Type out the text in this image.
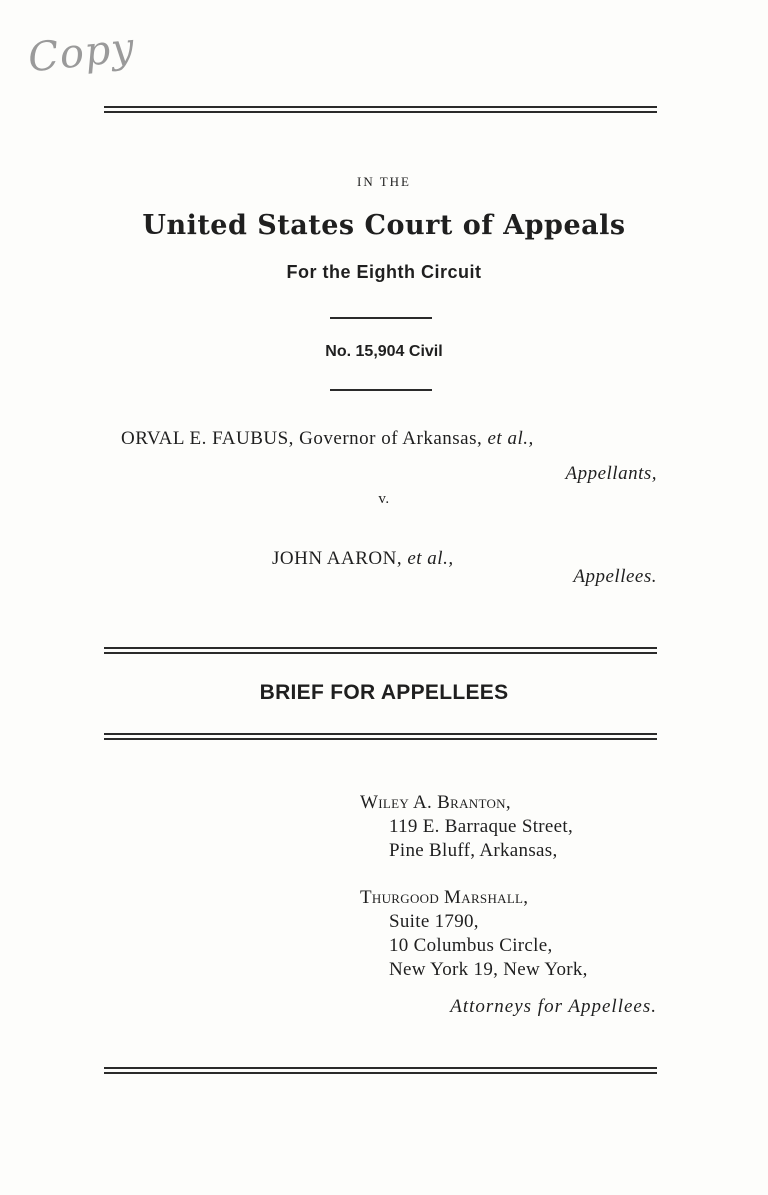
Copy
IN THE
United States Court of Appeals
For the Eighth Circuit
No. 15,904 Civil
ORVAL E. FAUBUS, Governor of Arkansas, et al.,
Appellants,
v.
JOHN AARON, et al.,
Appellees.
BRIEF FOR APPELLEES
Wiley A. Branton,
119 E. Barraque Street,
Pine Bluff, Arkansas,
Thurgood Marshall,
Suite 1790,
10 Columbus Circle,
New York 19, New York,
Attorneys for Appellees.
